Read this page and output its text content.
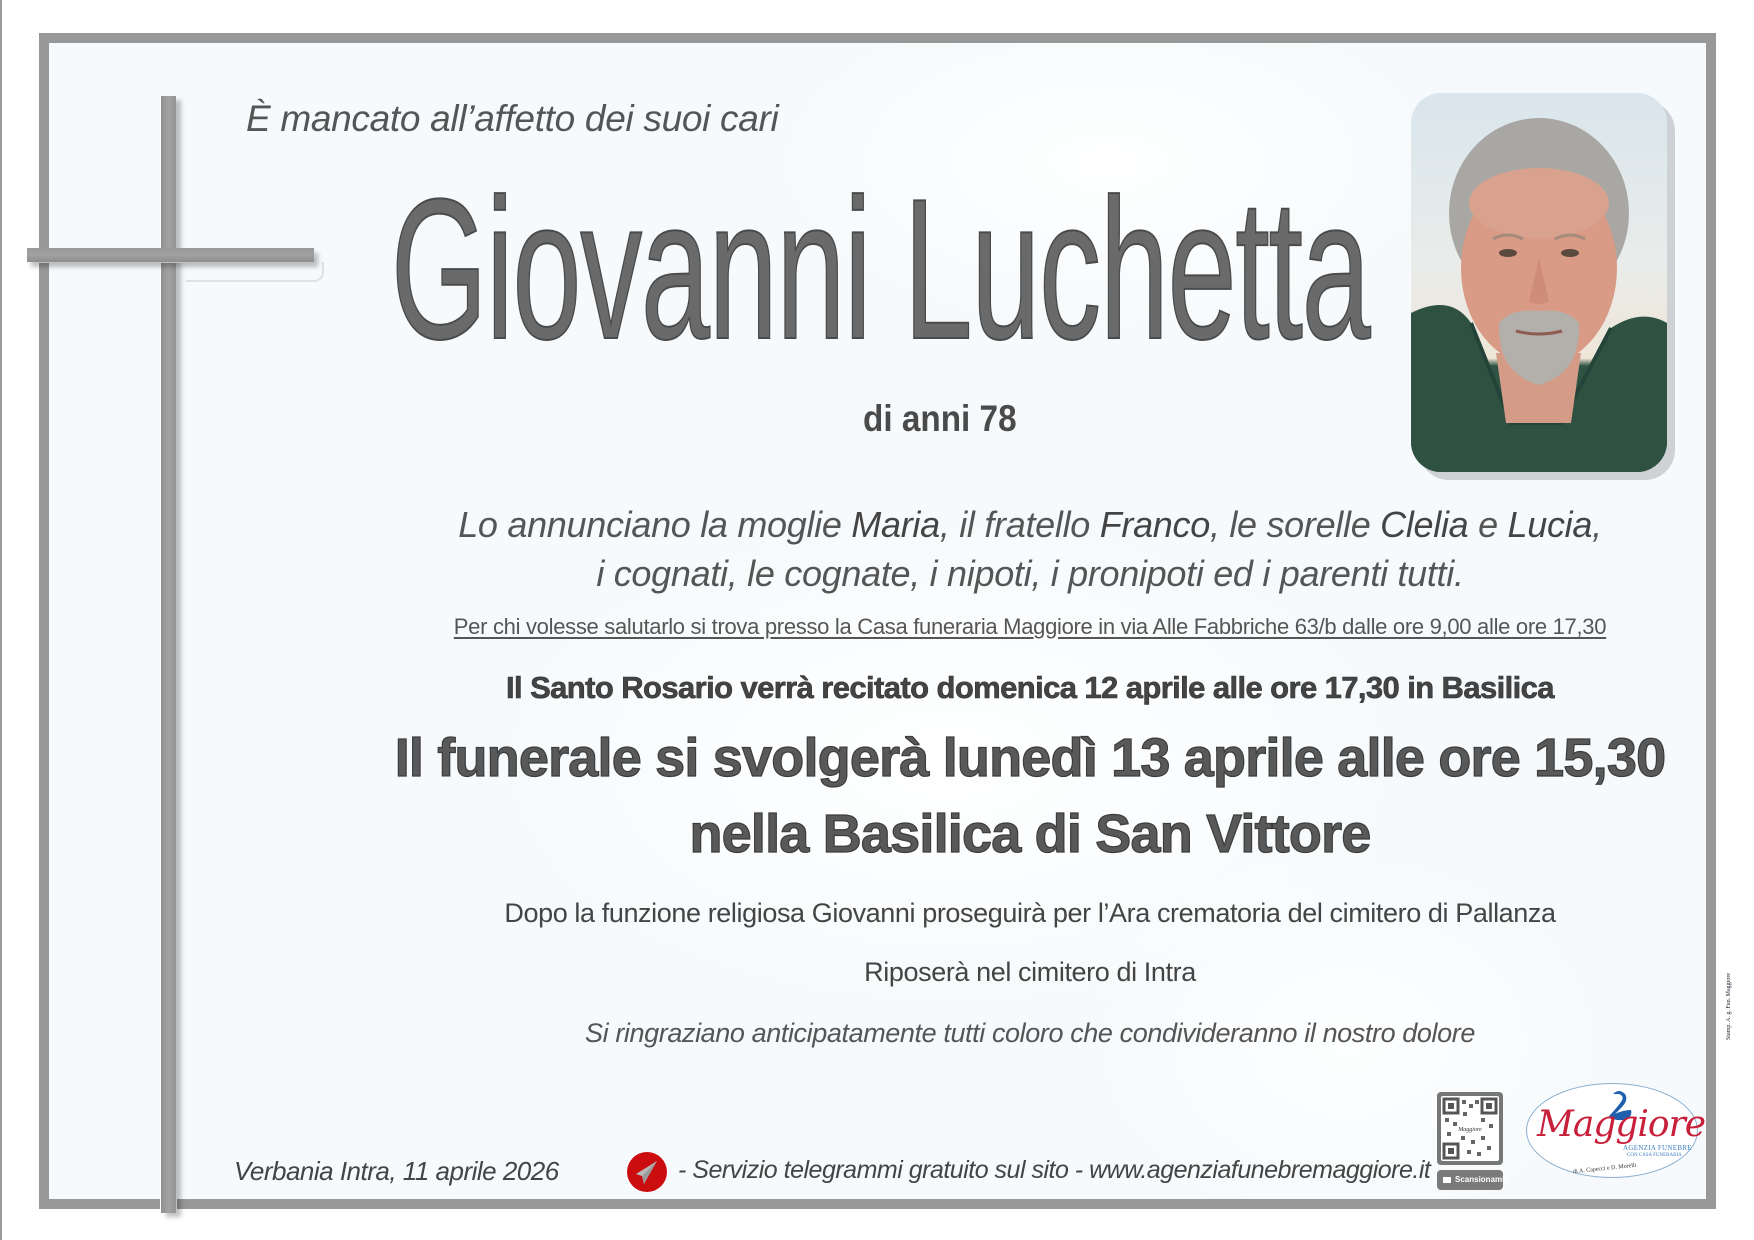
È mancato all’affetto dei suoi cari
Giovanni Luchetta
di anni 78
Lo annunciano la moglie Maria, il fratello Franco, le sorelle Clelia e Lucia,
i cognati, le cognate, i nipoti, i pronipoti ed i parenti tutti.
Per chi volesse salutarlo si trova presso la Casa funeraria Maggiore in via Alle Fabbriche 63/b dalle ore 9,00 alle ore 17,30
Il Santo Rosario verrà recitato domenica 12 aprile alle ore 17,30 in Basilica
Il funerale si svolgerà lunedì 13 aprile alle ore 15,30
nella Basilica di San Vittore
Dopo la funzione religiosa Giovanni proseguirà per l’Ara crematoria del cimitero di Pallanza
Riposerà nel cimitero di Intra
Si ringraziano anticipatamente tutti coloro che condivideranno il nostro dolore
Verbania Intra, 11 aprile 2026	- Servizio telegrammi gratuito sul sito - www.agenziafunebremaggiore.it
Maggiore
Scansionami!
Maggiore
AGENZIA FUNEBRE
CON CASA FUNERARIA
di A. Capecci e D. Morelli
Stamp. A. g. Fun. Maggiore
